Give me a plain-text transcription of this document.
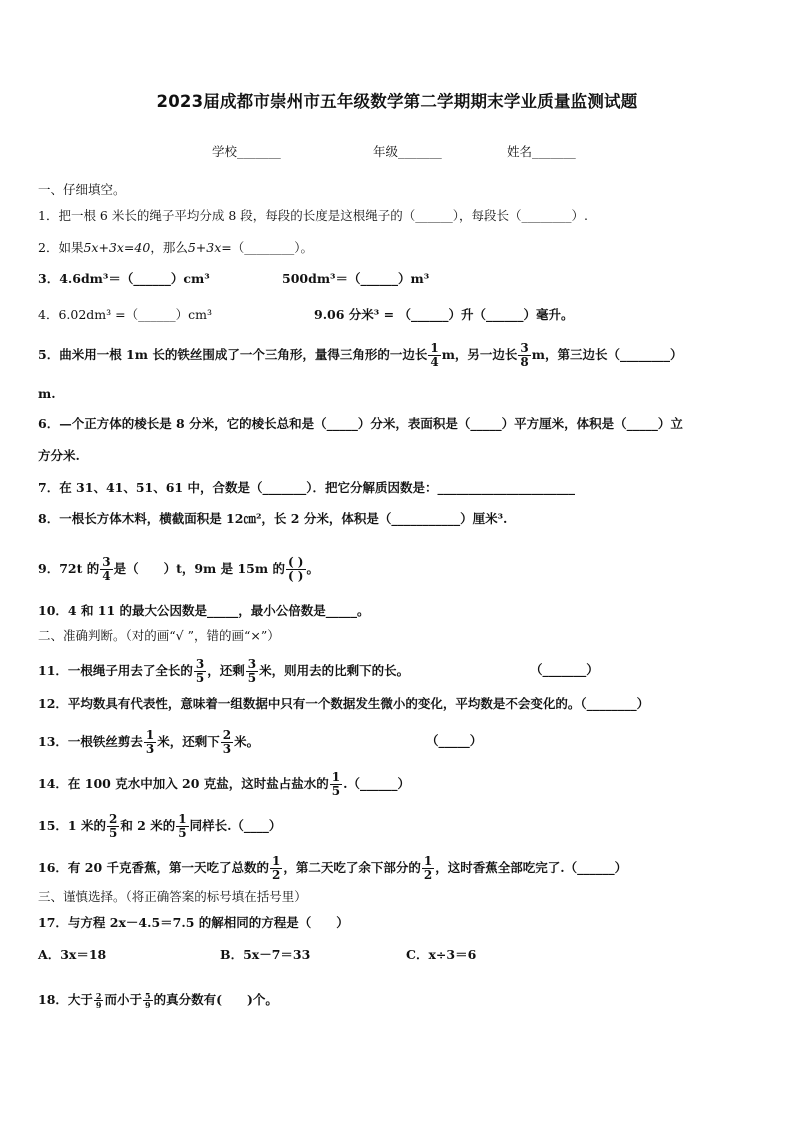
2023届成都市崇州市五年级数学第二学期期末学业质量监测试题
学校_______	年级_______	姓名_______
一、仔细填空。
1．把一根 6 米长的绳子平均分成 8 段，每段的长度是这根绳子的（______），每段长（________）.
2．如果5x+3x=40，那么5+3x=（________）。
3．4.6dm³＝（______）cm³	500dm³＝（______）m³
4．6.02dm³ =（______）cm³	9.06 分米³ = （______）升（______）毫升。
5．曲米用一根 1m 长的铁丝围成了一个三角形，量得三角形的一边长 $\frac{1}{4}$ m，另一边长 $\frac{3}{8}$ m，第三边长（________）
m.
6．—个正方体的棱长是 8 分米，它的棱长总和是（_____）分米，表面积是（_____）平方厘米，体积是（_____）立
方分米.
7．在 31、41、51、61 中，合数是（_______）．把它分解质因数是：______________________
8．一根长方体木料，横截面积是 12㎝²，长 2 分米，体积是（___________）厘米³.
9．72t 的 $\frac{3}{4}$ 是（　　）t，9m 是 15m 的 $\frac{( )}{( )}$ 。
10．4 和 11 的最大公因数是_____，最小公倍数是_____。
二、准确判断。（对的画“√ ”，错的画“×”）
11．一根绳子用去了全长的 $\frac{3}{5}$ ，还剩 $\frac{3}{5}$ 米，则用去的比剩下的长。	（_______）
12．平均数具有代表性，意味着一组数据中只有一个数据发生微小的变化，平均数是不会变化的。（________）
13．一根铁丝剪去 $\frac{1}{3}$ 米，还剩下 $\frac{2}{3}$ 米。	（_____）
14．在 100 克水中加入 20 克盐，这时盐占盐水的 $\frac{1}{5}$ .（______）
15．1 米的 $\frac{2}{5}$ 和 2 米的 $\frac{1}{5}$ 同样长.（____）
16．有 20 千克香蕉，第一天吃了总数的 $\frac{1}{2}$ ，第二天吃了余下部分的 $\frac{1}{2}$ ，这时香蕉全部吃完了.（______）
三、谨慎选择。（将正确答案的标号填在括号里）
17．与方程 2x－4.5＝7.5 的解相同的方程是（　　）
A．3x＝18	B．5x－7＝33	C．x÷3＝6
18．大于 $\frac{2}{9}$ 而小于 $\frac{5}{9}$ 的真分数有(　　)个。
